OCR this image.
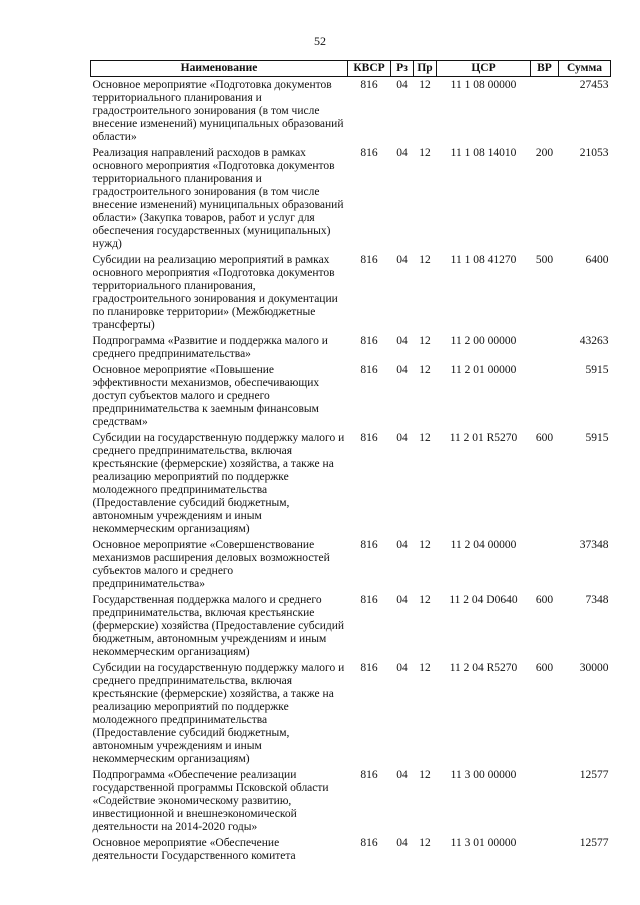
52
Наименование	КВСР	Рз	Пр	ЦСР	ВР	Сумма
Основное мероприятие «Подготовка документов территориального планирования и градостроительного зонирования (в том числе внесение изменений) муниципальных образований области»	816	04	12	11 1 08 00000		27453
Реализация направлений расходов в рамках основного мероприятия «Подготовка документов территориального планирования и градостроительного зонирования (в том числе внесение изменений) муниципальных образований области» (Закупка товаров, работ и услуг для обеспечения государственных (муниципальных) нужд)	816	04	12	11 1 08 14010	200	21053
Субсидии на реализацию мероприятий в рамках основного мероприятия «Подготовка документов территориального планирования, градостроительного зонирования и документации по планировке территории» (Межбюджетные трансферты)	816	04	12	11 1 08 41270	500	6400
Подпрограмма «Развитие и поддержка малого и среднего предпринимательства»	816	04	12	11 2 00 00000		43263
Основное мероприятие «Повышение эффективности механизмов, обеспечивающих доступ субъектов малого и среднего предпринимательства к заемным финансовым средствам»	816	04	12	11 2 01 00000		5915
Субсидии на государственную поддержку малого и среднего предпринимательства, включая крестьянские (фермерские) хозяйства, а также на реализацию мероприятий по поддержке молодежного предпринимательства (Предоставление субсидий бюджетным, автономным учреждениям и иным некоммерческим организациям)	816	04	12	11 2 01 R5270	600	5915
Основное мероприятие «Совершенствование механизмов расширения деловых возможностей субъектов малого и среднего предпринимательства»	816	04	12	11 2 04 00000		37348
Государственная поддержка малого и среднего предпринимательства, включая крестьянские (фермерские) хозяйства (Предоставление субсидий бюджетным, автономным учреждениям и иным некоммерческим организациям)	816	04	12	11 2 04 D0640	600	7348
Субсидии на государственную поддержку малого и среднего предпринимательства, включая крестьянские (фермерские) хозяйства, а также на реализацию мероприятий по поддержке молодежного предпринимательства (Предоставление субсидий бюджетным, автономным учреждениям и иным некоммерческим организациям)	816	04	12	11 2 04 R5270	600	30000
Подпрограмма «Обеспечение реализации государственной программы Псковской области «Содействие экономическому развитию, инвестиционной и внешнеэкономической деятельности на 2014-2020 годы»	816	04	12	11 3 00 00000		12577
Основное мероприятие «Обеспечение деятельности Государственного комитета	816	04	12	11 3 01 00000		12577
